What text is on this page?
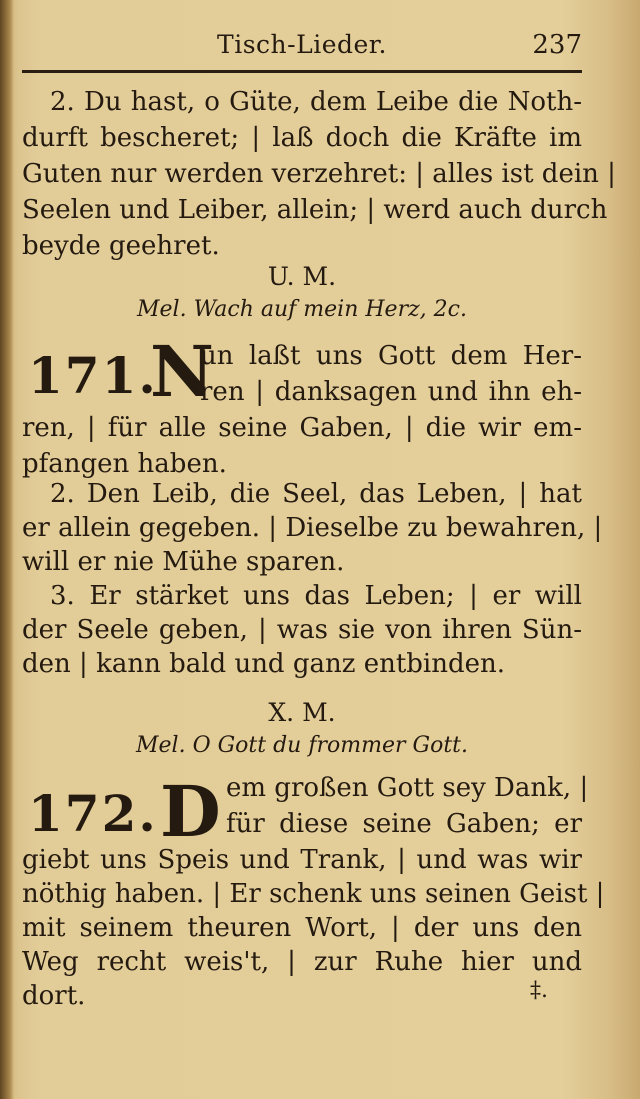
Tisch-Lieder.	237
2. Du hast, o Güte, dem Leibe die Noth-
durft bescheret; | laß doch die Kräfte im
Guten nur werden verzehret: | alles ist dein |
Seelen und Leiber, allein; | werd auch durch
beyde geehret.
U. M.
Mel. Wach auf mein Herz, 2c.
171.
N
un laßt uns Gott dem Her-
ren | danksagen und ihn eh-
ren, | für alle seine Gaben, | die wir em-
pfangen haben.
2. Den Leib, die Seel, das Leben, | hat
er allein gegeben. | Dieselbe zu bewahren, |
will er nie Mühe sparen.
3. Er stärket uns das Leben; | er will
der Seele geben, | was sie von ihren Sün-
den | kann bald und ganz entbinden.
X. M.
Mel. O Gott du frommer Gott.
172. D em großen Gott sey Dank, |
für diese seine Gaben; er
giebt uns Speis und Trank, | und was wir
nöthig haben. | Er schenk uns seinen Geist |
mit seinem theuren Wort, | der uns den
Weg recht weis't, | zur Ruhe hier und
dort.	‡.
